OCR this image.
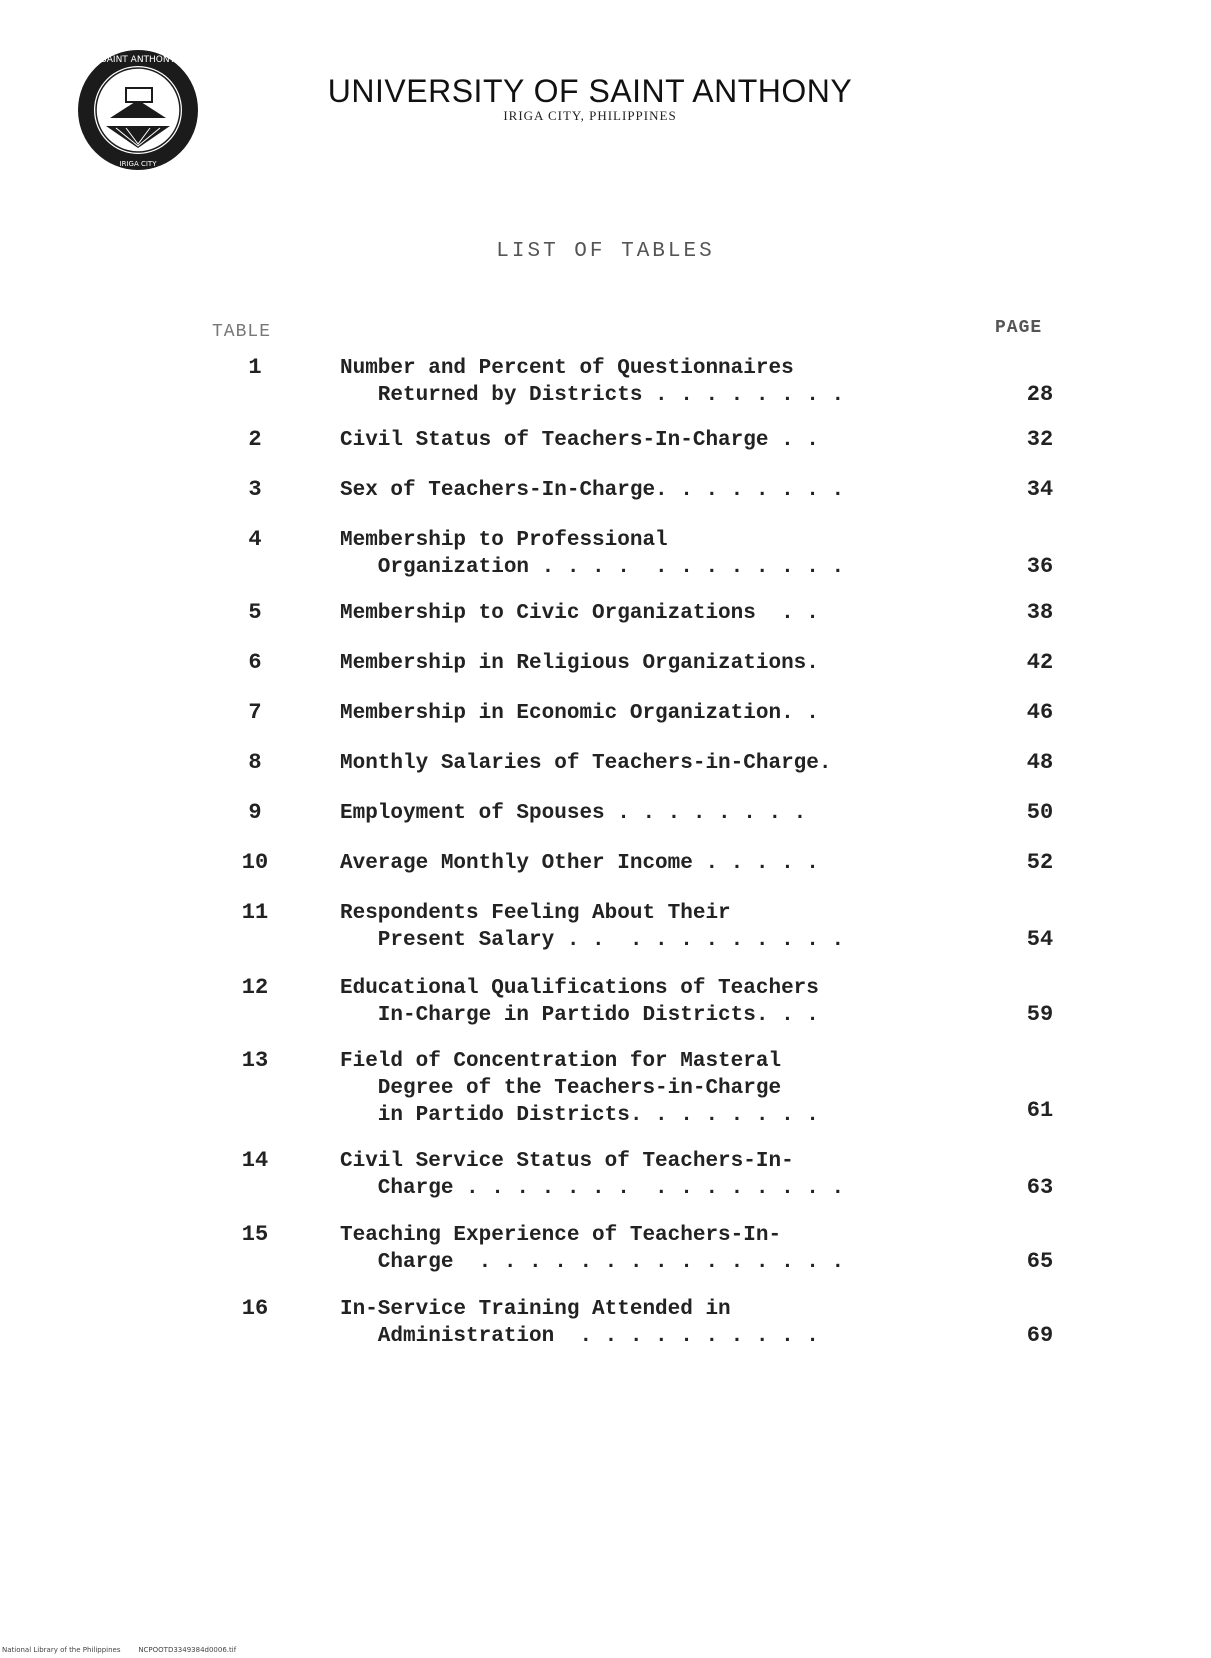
SAINT ANTHONY
IRIGA CITY
UNIVERSITY OF SAINT ANTHONY
IRIGA CITY, PHILIPPINES
LIST OF TABLES
TABLE	PAGE
1	Number and Percent of Questionnaires
Returned by Districts . . . . . . . .	28
2	Civil Status of Teachers-In-Charge . .	32
3	Sex of Teachers-In-Charge. . . . . . . .	34
4	Membership to Professional
Organization . . . .  . . . . . . . .	36
5	Membership to Civic Organizations  . .	38
6	Membership in Religious Organizations.	42
7	Membership in Economic Organization. .	46
8	Monthly Salaries of Teachers-in-Charge.	48
9	Employment of Spouses . . . . . . . .	50
10	Average Monthly Other Income . . . . .	52
11	Respondents Feeling About Their
Present Salary . .  . . . . . . . . .	54
12	Educational Qualifications of Teachers
In-Charge in Partido Districts. . .	59
13	Field of Concentration for Masteral
Degree of the Teachers-in-Charge
in Partido Districts. . . . . . . .	61
14	Civil Service Status of Teachers-In-
Charge . . . . . . .  . . . . . . . .	63
15	Teaching Experience of Teachers-In-
Charge  . . . . . . . . . . . . . . .	65
16	In-Service Training Attended in
Administration  . . . . . . . . . .	69
National Library of the Philippines	NCPOOTD3349384d0006.tif
